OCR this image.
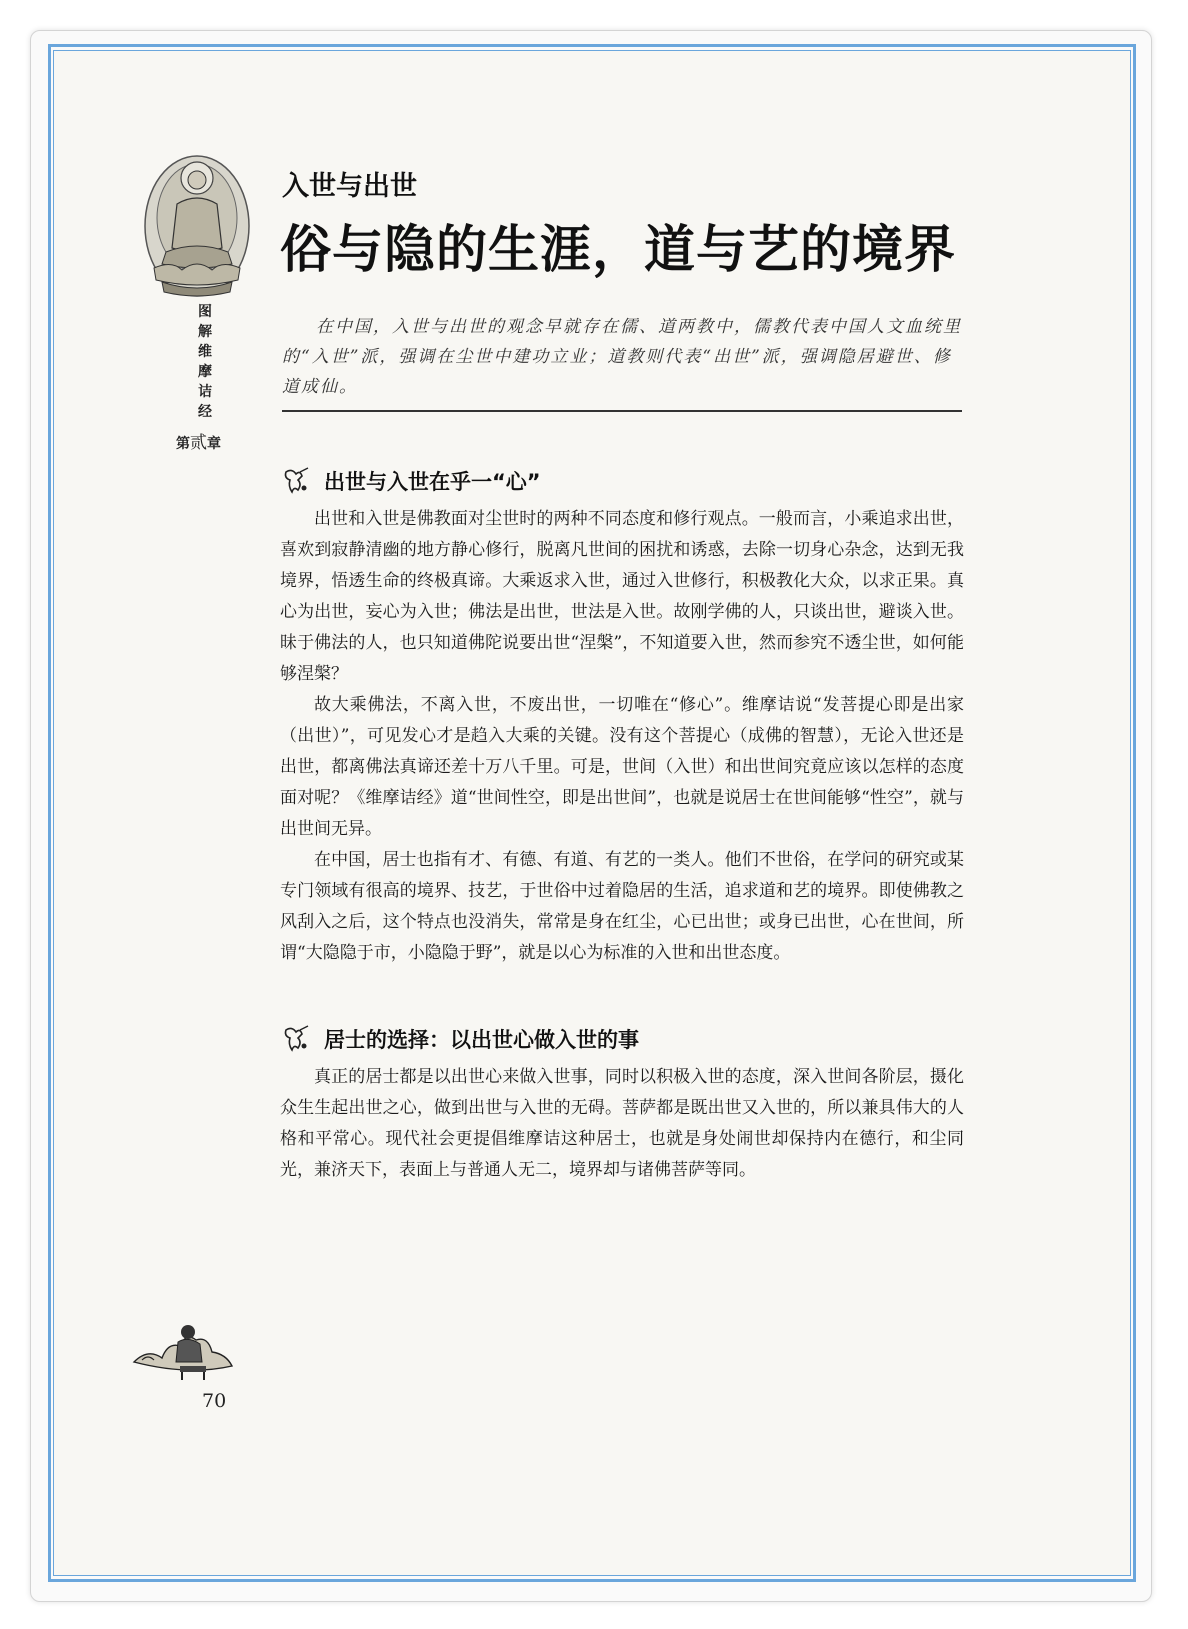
图
解
维
摩
诘
经
第贰章
入世与出世
俗与隐的生涯，道与艺的境界
在中国，入世与出世的观念早就存在儒、道两教中，儒教代表中国人文血统里的“入世”派，强调在尘世中建功立业；道教则代表“出世”派，强调隐居避世、修道成仙。
出世与入世在乎一“心”

出世和入世是佛教面对尘世时的两种不同态度和修行观点。一般而言，小乘追求出世，喜欢到寂静清幽的地方静心修行，脱离凡世间的困扰和诱惑，去除一切身心杂念，达到无我境界，悟透生命的终极真谛。大乘返求入世，通过入世修行，积极教化大众，以求正果。真心为出世，妄心为入世；佛法是出世，世法是入世。故刚学佛的人，只谈出世，避谈入世。昧于佛法的人，也只知道佛陀说要出世“涅槃”，不知道要入世，然而参究不透尘世，如何能够涅槃？

故大乘佛法，不离入世，不废出世，一切唯在“修心”。维摩诘说“发菩提心即是出家（出世）”，可见发心才是趋入大乘的关键。没有这个菩提心（成佛的智慧），无论入世还是出世，都离佛法真谛还差十万八千里。可是，世间（入世）和出世间究竟应该以怎样的态度面对呢？《维摩诘经》道“世间性空，即是出世间”，也就是说居士在世间能够“性空”，就与出世间无异。

在中国，居士也指有才、有德、有道、有艺的一类人。他们不世俗，在学问的研究或某专门领域有很高的境界、技艺，于世俗中过着隐居的生活，追求道和艺的境界。即使佛教之风刮入之后，这个特点也没消失，常常是身在红尘，心已出世；或身已出世，心在世间，所谓“大隐隐于市，小隐隐于野”，就是以心为标准的入世和出世态度。

居士的选择：以出世心做入世的事

真正的居士都是以出世心来做入世事，同时以积极入世的态度，深入世间各阶层，摄化众生生起出世之心，做到出世与入世的无碍。菩萨都是既出世又入世的，所以兼具伟大的人格和平常心。现代社会更提倡维摩诘这种居士，也就是身处闹世却保持内在德行，和尘同光，兼济天下，表面上与普通人无二，境界却与诸佛菩萨等同。

70
